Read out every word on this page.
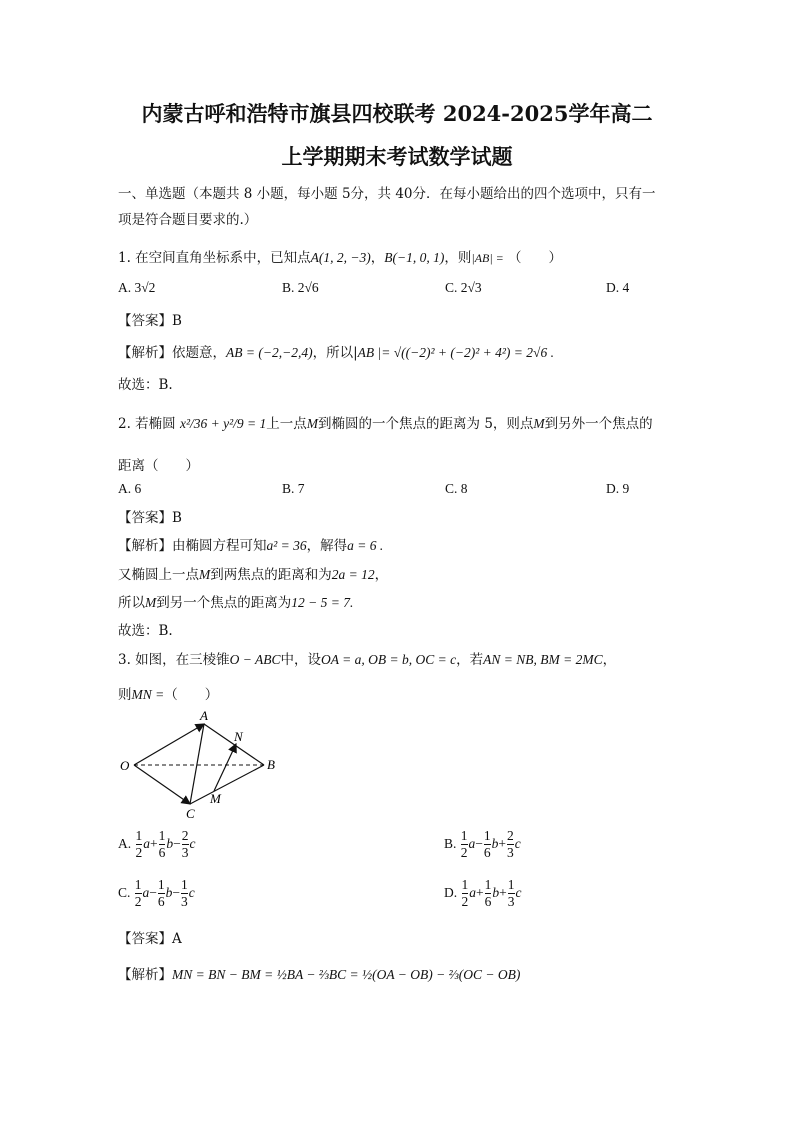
内蒙古呼和浩特市旗县四校联考 2024-2025学年高二
上学期期末考试数学试题
一、单选题（本题共 8 小题，每小题 5分，共 40分．在每小题给出的四个选项中，只有一
项是符合题目要求的.）
1. 在空间直角坐标系中，已知点A(1, 2, −3)，B(−1, 0, 1)，则|AB| = （　　）
A. 3√2	B. 2√6	C. 2√3	D. 4
【答案】B
【解析】依题意，AB = (−2,−2,4)，所以|AB |= √((−2)² + (−2)² + 4²) = 2√6 .
故选：B.
2. 若椭圆 x²/36 + y²/9 = 1上一点M到椭圆的一个焦点的距离为 5，则点M到另外一个焦点的
距离（　　）
A. 6	B. 7	C. 8	D. 9
【答案】B
【解析】由椭圆方程可知a² = 36，解得a = 6 .
又椭圆上一点M到两焦点的距离和为2a = 12，
所以M到另一个焦点的距离为12 − 5 = 7.
故选：B.
3. 如图，在三棱锥O − ABC中，设OA = a, OB = b, OC = c，若AN = NB, BM = 2MC，
则MN =（　　）
A
N
O	B
M
C
A. $\frac{1}{2} a+ \frac{1}{6} b- \frac{2}{3}$ c	B. $\frac{1}{2} a- \frac{1}{6} b+ \frac{2}{3}$ c
C. $\frac{1}{2} a- \frac{1}{6} b- \frac{1}{3}$ c	D. $\frac{1}{2} a+ \frac{1}{6} b+ \frac{1}{3}$ c
【答案】A
【解析】MN = BN − BM = ½BA − ⅔BC = ½(OA − OB) − ⅔(OC − OB)
